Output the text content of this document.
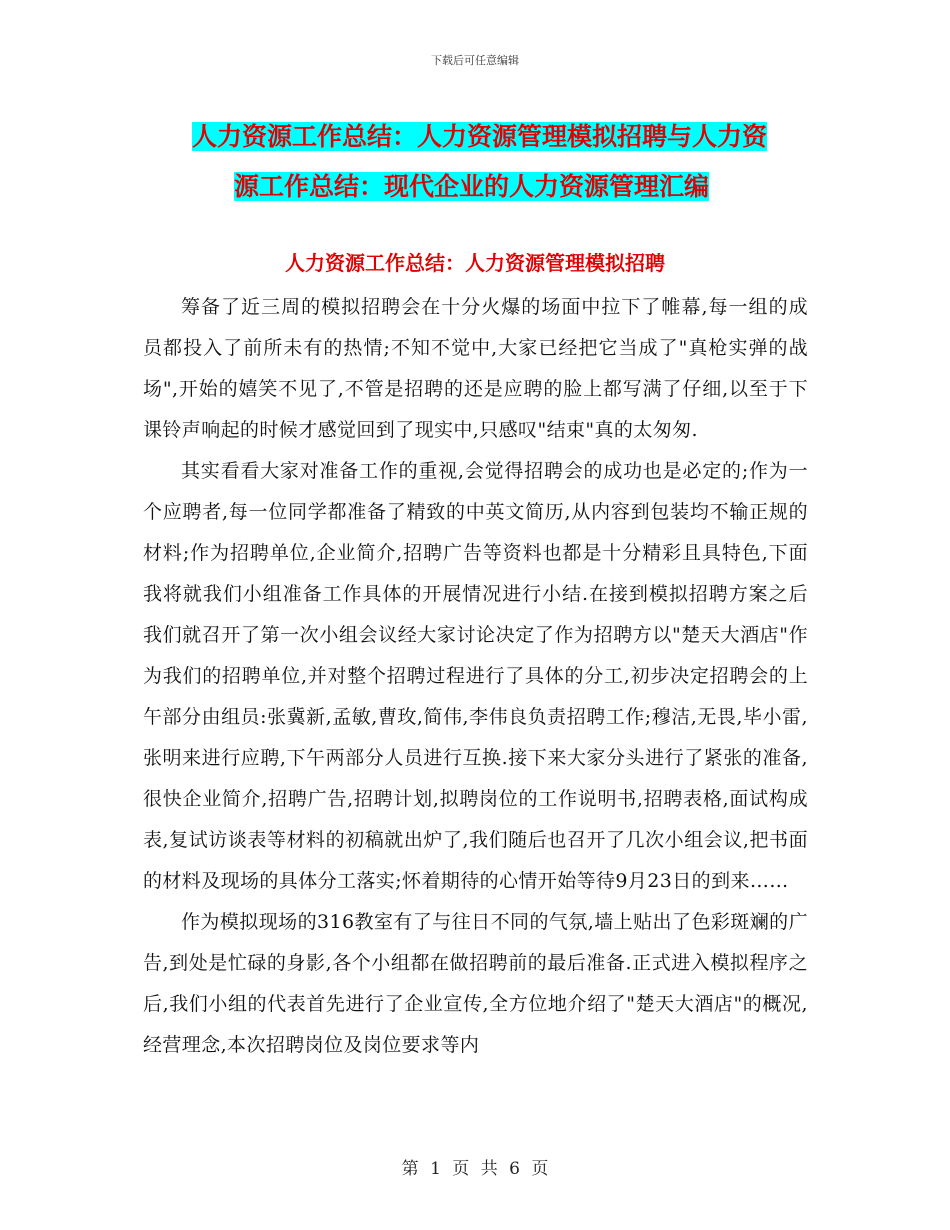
下载后可任意编辑
人力资源工作总结：人力资源管理模拟招聘与人力资
源工作总结：现代企业的人力资源管理汇编
人力资源工作总结：人力资源管理模拟招聘

筹备了近三周的模拟招聘会在十分火爆的场面中拉下了帷幕,每一组的成员都投入了前所未有的热情;不知不觉中,大家已经把它当成了"真枪实弹的战场",开始的嬉笑不见了,不管是招聘的还是应聘的脸上都写满了仔细,以至于下课铃声响起的时候才感觉回到了现实中,只感叹"结束"真的太匆匆.

其实看看大家对准备工作的重视,会觉得招聘会的成功也是必定的;作为一个应聘者,每一位同学都准备了精致的中英文简历,从内容到包装均不输正规的材料;作为招聘单位,企业简介,招聘广告等资料也都是十分精彩且具特色,下面我将就我们小组准备工作具体的开展情况进行小结.在接到模拟招聘方案之后我们就召开了第一次小组会议经大家讨论决定了作为招聘方以"楚天大酒店"作为我们的招聘单位,并对整个招聘过程进行了具体的分工,初步决定招聘会的上午部分由组员:张冀新,孟敏,曹玫,简伟,李伟良负责招聘工作;穆洁,无畏,毕小雷,张明来进行应聘,下午两部分人员进行互换.接下来大家分头进行了紧张的准备,很快企业简介,招聘广告,招聘计划,拟聘岗位的工作说明书,招聘表格,面试构成表,复试访谈表等材料的初稿就出炉了,我们随后也召开了几次小组会议,把书面的材料及现场的具体分工落实;怀着期待的心情开始等待9月23日的到来……

作为模拟现场的316教室有了与往日不同的气氛,墙上贴出了色彩斑斓的广告,到处是忙碌的身影,各个小组都在做招聘前的最后准备.正式进入模拟程序之后,我们小组的代表首先进行了企业宣传,全方位地介绍了"楚天大酒店"的概况,经营理念,本次招聘岗位及岗位要求等内

第 1 页 共 6 页
